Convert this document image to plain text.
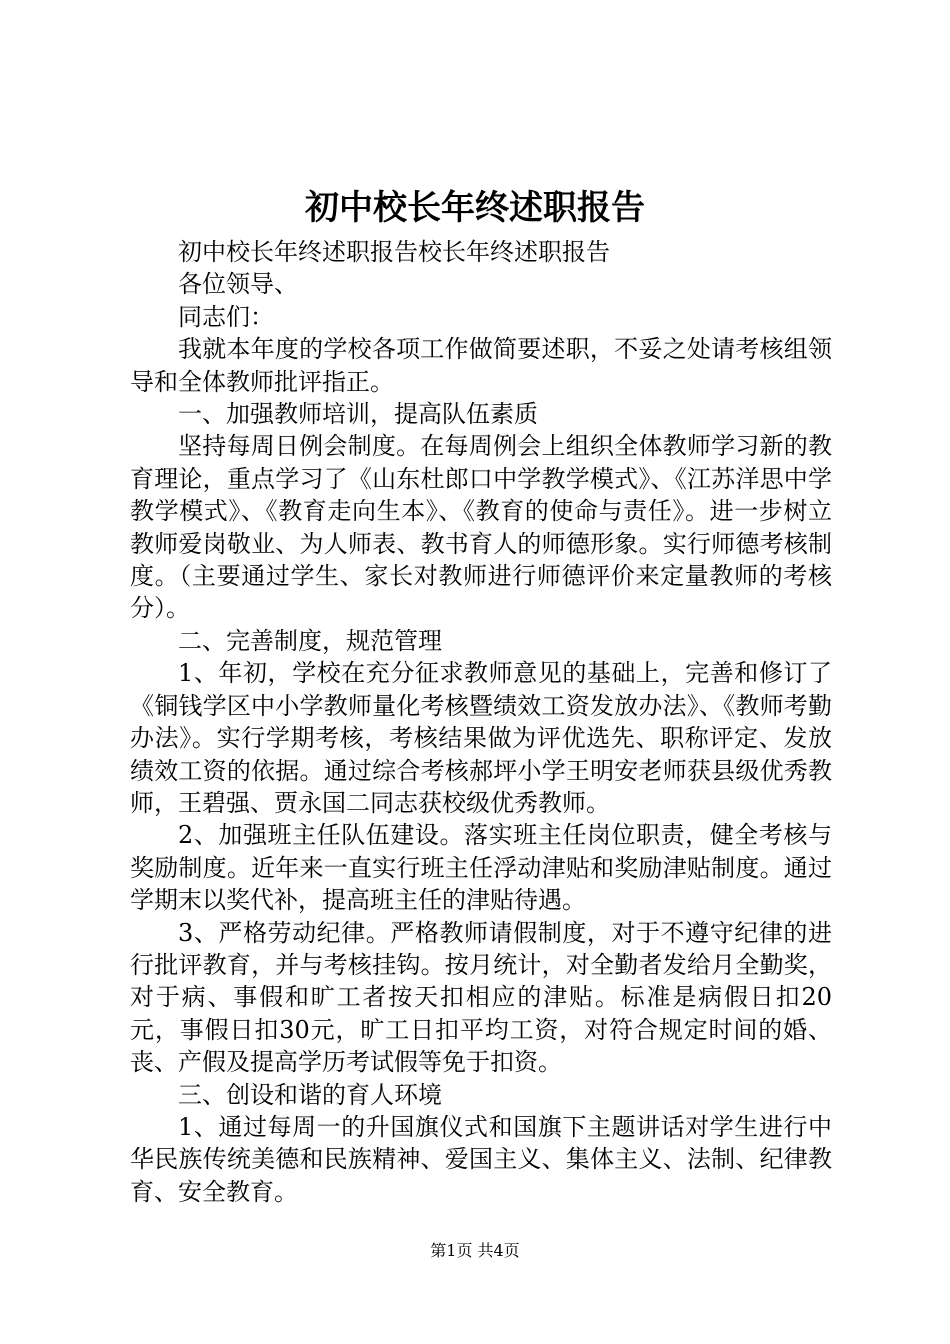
初中校长年终述职报告

初中校长年终述职报告校长年终述职报告

各位领导、

同志们：

我就本年度的学校各项工作做简要述职，不妥之处请考核组领导和全体教师批评指正。

一、加强教师培训，提高队伍素质

坚持每周日例会制度。在每周例会上组织全体教师学习新的教育理论，重点学习了《山东杜郎口中学教学模式》、《江苏洋思中学教学模式》、《教育走向生本》、《教育的使命与责任》。进一步树立教师爱岗敬业、为人师表、教书育人的师德形象。实行师德考核制度。（主要通过学生、家长对教师进行师德评价来定量教师的考核分）。

二、完善制度，规范管理

1、年初，学校在充分征求教师意见的基础上，完善和修订了《铜钱学区中小学教师量化考核暨绩效工资发放办法》、《教师考勤办法》。实行学期考核，考核结果做为评优选先、职称评定、发放绩效工资的依据。通过综合考核郝坪小学王明安老师获县级优秀教师，王碧强、贾永国二同志获校级优秀教师。

2、加强班主任队伍建设。落实班主任岗位职责，健全考核与奖励制度。近年来一直实行班主任浮动津贴和奖励津贴制度。通过学期末以奖代补，提高班主任的津贴待遇。

3、严格劳动纪律。严格教师请假制度，对于不遵守纪律的进行批评教育，并与考核挂钩。按月统计，对全勤者发给月全勤奖，对于病、事假和旷工者按天扣相应的津贴。标准是病假日扣20元，事假日扣30元，旷工日扣平均工资，对符合规定时间的婚、丧、产假及提高学历考试假等免于扣资。

三、创设和谐的育人环境

1、通过每周一的升国旗仪式和国旗下主题讲话对学生进行中华民族传统美德和民族精神、爱国主义、集体主义、法制、纪律教育、安全教育。

第1页 共4页
